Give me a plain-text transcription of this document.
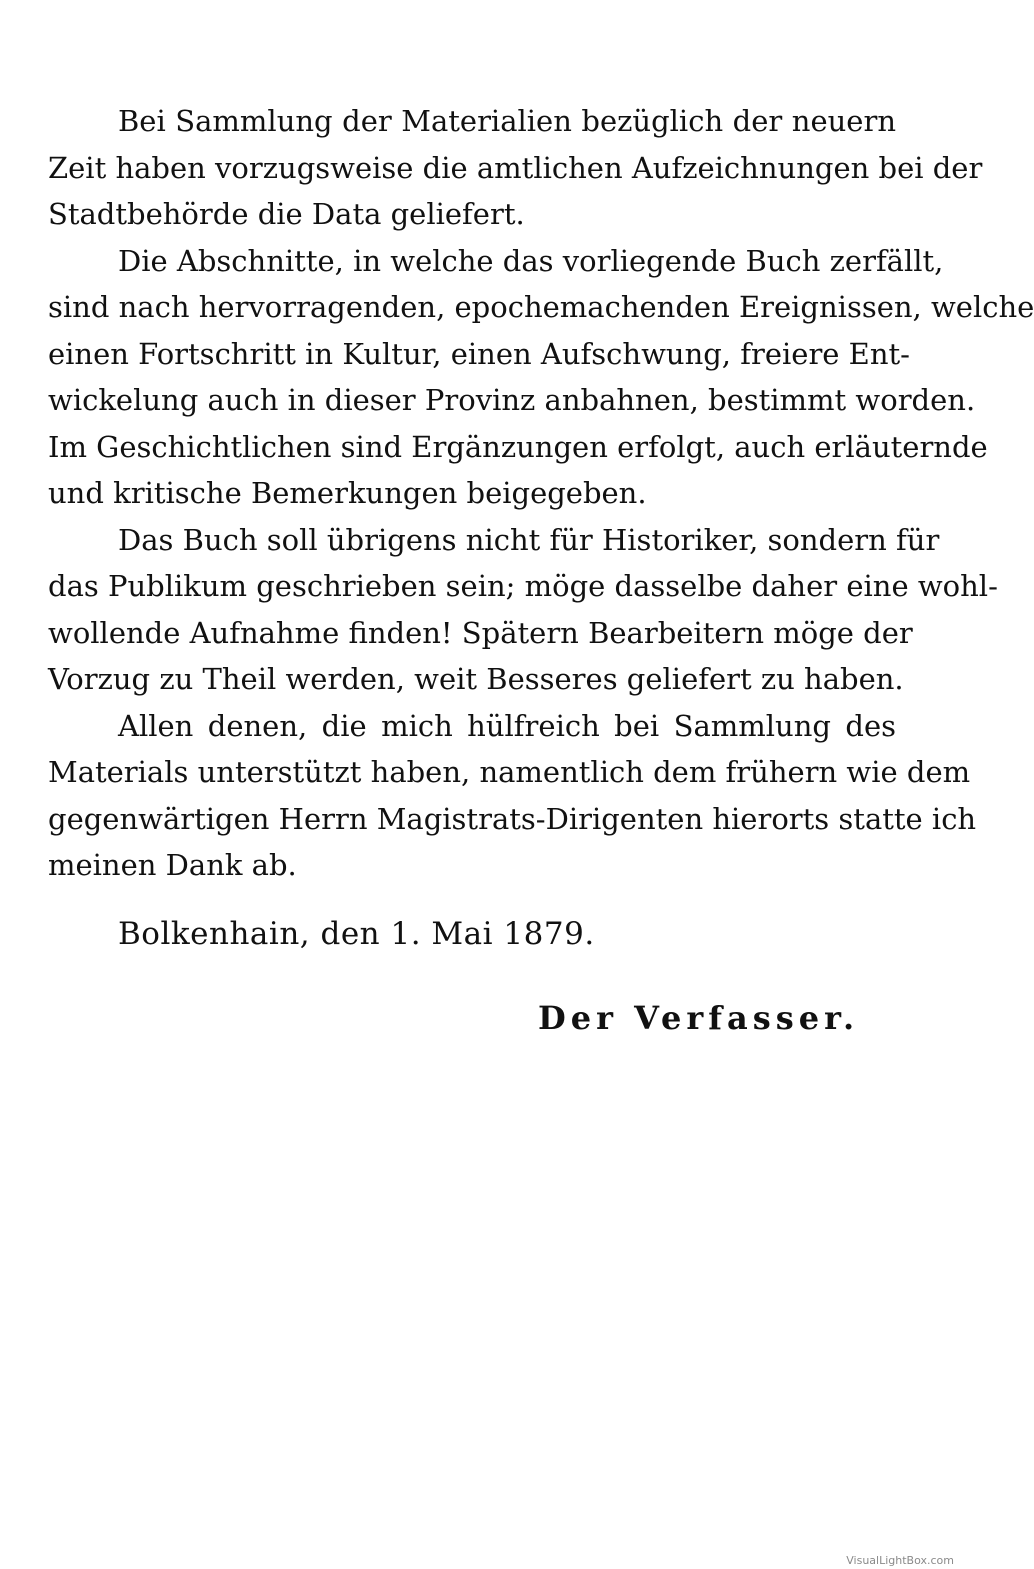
Bei Sammlung der Materialien bezüglich der neuern
Zeit haben vorzugsweise die amtlichen Aufzeichnungen bei der
Stadtbehörde die Data geliefert.
Die Abschnitte, in welche das vorliegende Buch zerfällt,
sind nach hervorragenden, epochemachenden Ereignissen, welche
einen Fortschritt in Kultur, einen Aufschwung, freiere Ent-
wickelung auch in dieser Provinz anbahnen, bestimmt worden.
Im Geschichtlichen sind Ergänzungen erfolgt, auch erläuternde
und kritische Bemerkungen beigegeben.
Das Buch soll übrigens nicht für Historiker, sondern für
das Publikum geschrieben sein; möge dasselbe daher eine wohl-
wollende Aufnahme finden! Spätern Bearbeitern möge der
Vorzug zu Theil werden, weit Besseres geliefert zu haben.
Allen denen, die mich hülfreich bei Sammlung des
Materials unterstützt haben, namentlich dem frühern wie dem
gegenwärtigen Herrn Magistrats-Dirigenten hierorts statte ich
meinen Dank ab.
Bolkenhain, den 1. Mai 1879.
Der Verfasser.
VisualLightBox.com
